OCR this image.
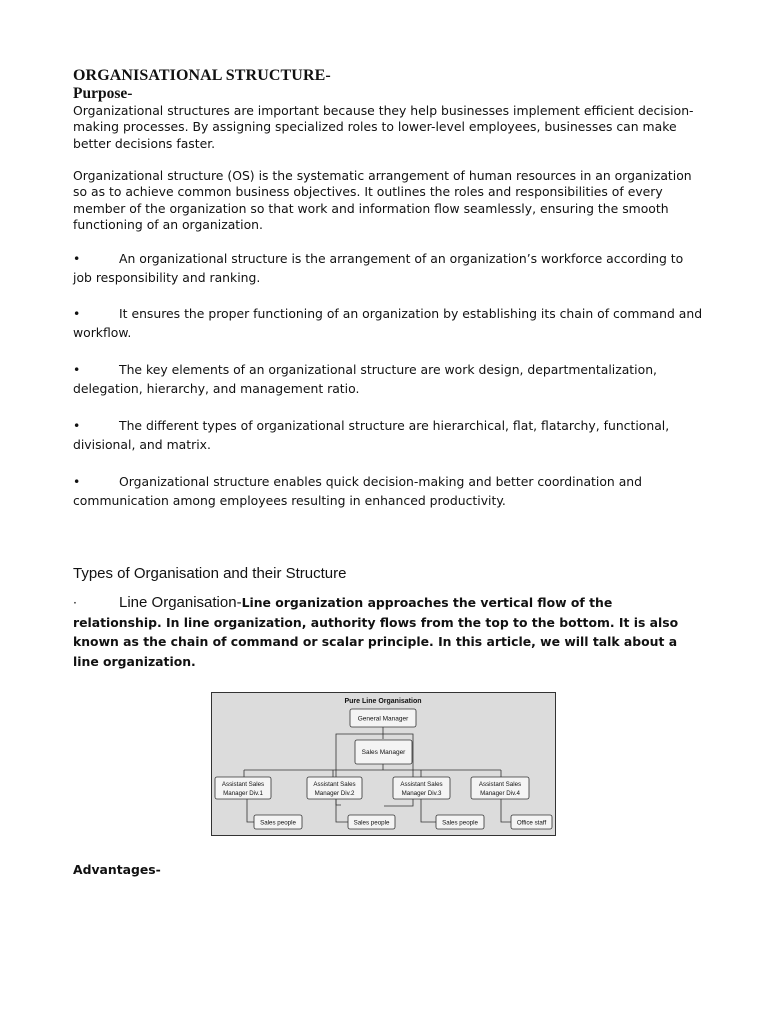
ORGANISATIONAL STRUCTURE-
Purpose-

Organizational structures are important because they help businesses implement efficient decision-making processes. By assigning specialized roles to lower-level employees, businesses can make better decisions faster.

Organizational structure (OS) is the systematic arrangement of human resources in an organization so as to achieve common business objectives. It outlines the roles and responsibilities of every member of the organization so that work and information flow seamlessly, ensuring the smooth functioning of an organization.

•	An organizational structure is the arrangement of an organization’s workforce according to job responsibility and ranking.

•	It ensures the proper functioning of an organization by establishing its chain of command and workflow.

•	The key elements of an organizational structure are work design, departmentalization, delegation, hierarchy, and management ratio.

•	The different types of organizational structure are hierarchical, flat, flatarchy, functional, divisional, and matrix.

•	Organizational structure enables quick decision-making and better coordination and communication among employees resulting in enhanced productivity.

Types of Organisation and their Structure

·	Line Organisation-Line organization approaches the vertical flow of the relationship. In line organization, authority flows from the top to the bottom. It is also known as the chain of command or scalar principle. In this article, we will talk about a line organization.

Pure Line Organisation
General Manager
Sales Manager
Assistant Sales
Manager Div.1
Assistant Sales
Manager Div.2
Assistant Sales
Manager Div.3
Assistant Sales
Manager Div.4
Sales people	Sales people	Sales people	Office staff

Advantages-
